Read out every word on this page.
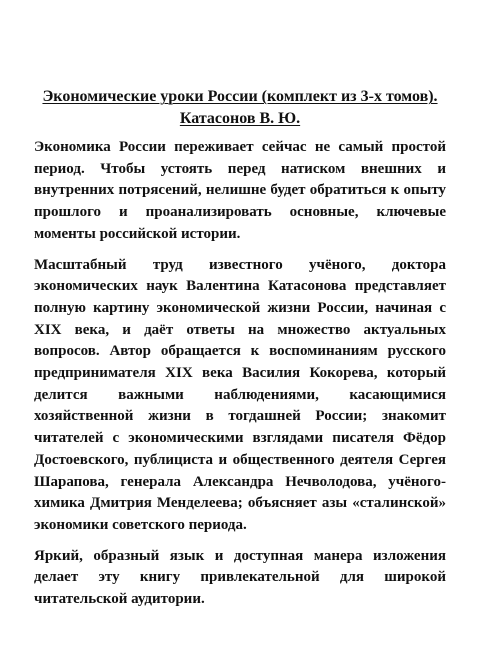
Экономические уроки России (комплект из 3-х томов). Катасонов В. Ю.

Экономика России переживает сейчас не самый простой период. Чтобы устоять перед натиском внешних и внутренних потрясений, нелишне будет обратиться к опыту прошлого и проанализировать основные, ключевые моменты российской истории.

Масштабный труд известного учёного, доктора экономических наук Валентина Катасонова представляет полную картину экономической жизни России, начиная с XIX века, и даёт ответы на множество актуальных вопросов. Автор обращается к воспоминаниям русского предпринимателя XIX века Василия Кокорева, который делится важными наблюдениями, касающимися хозяйственной жизни в тогдашней России; знакомит читателей с экономическими взглядами писателя Фёдор Достоевского, публициста и общественного деятеля Сергея Шарапова, генерала Александра Нечволодова, учёного-химика Дмитрия Менделеева; объясняет азы «сталинской» экономики советского периода.

Яркий, образный язык и доступная манера изложения делает эту книгу привлекательной для широкой читательской аудитории.
